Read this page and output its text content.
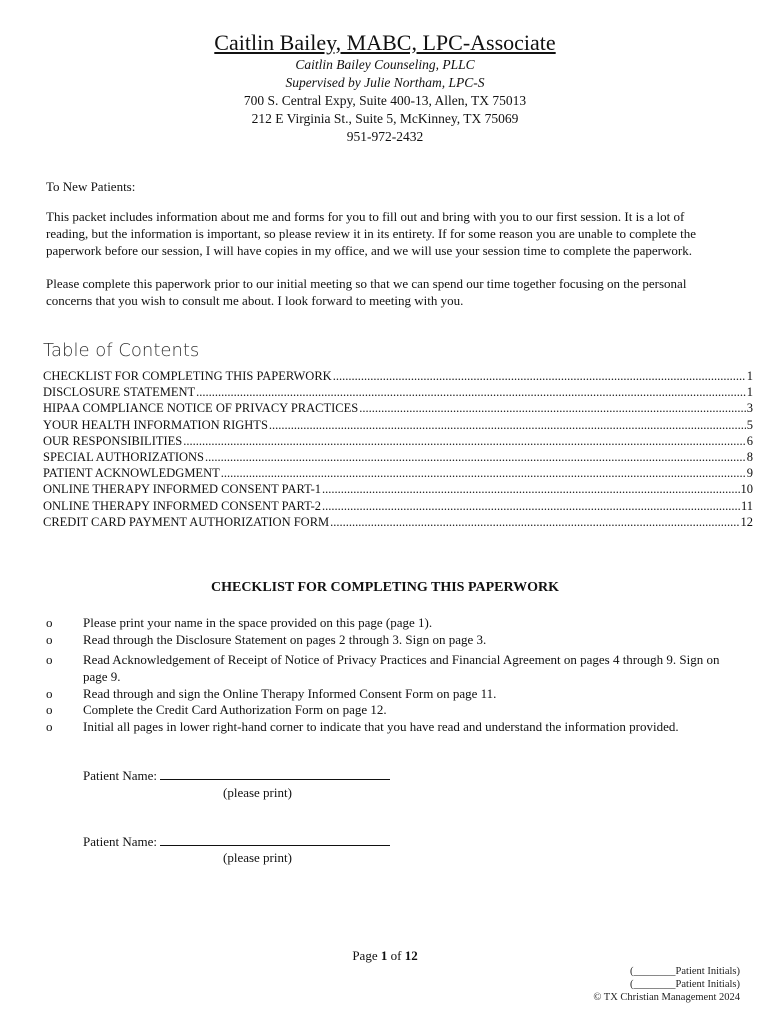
Caitlin Bailey, MABC, LPC-Associate
Caitlin Bailey Counseling, PLLC
Supervised by Julie Northam, LPC-S
700 S. Central Expy, Suite 400-13, Allen, TX 75013
212 E Virginia St., Suite 5, McKinney, TX 75069
951-972-2432
To New Patients:
This packet includes information about me and forms for you to fill out and bring with you to our first session. It is a lot of reading, but the information is important, so please review it in its entirety. If for some reason you are unable to complete the paperwork before our session, I will have copies in my office, and we will use your session time to complete the paperwork.
Please complete this paperwork prior to our initial meeting so that we can spend our time together focusing on the personal concerns that you wish to consult me about. I look forward to meeting with you.
Table of Contents
CHECKLIST FOR COMPLETING THIS PAPERWORK .....	1
DISCLOSURE STATEMENT .....	1
HIPAA COMPLIANCE NOTICE OF PRIVACY PRACTICES .....	3
YOUR HEALTH INFORMATION RIGHTS .....	5
OUR RESPONSIBILITIES .....	6
SPECIAL AUTHORIZATIONS .....	8
PATIENT ACKNOWLEDGMENT .....	9
ONLINE THERAPY INFORMED CONSENT PART-1 .....	10
ONLINE THERAPY INFORMED CONSENT PART-2 .....	11
CREDIT CARD PAYMENT AUTHORIZATION FORM .....	12
CHECKLIST FOR COMPLETING THIS PAPERWORK
o Please print your name in the space provided on this page (page 1).
o Read through the Disclosure Statement on pages 2 through 3. Sign on page 3.
o Read Acknowledgement of Receipt of Notice of Privacy Practices and Financial Agreement on pages 4 through 9. Sign on page 9.
o Read through and sign the Online Therapy Informed Consent Form on page 11.
o Complete the Credit Card Authorization Form on page 12.
o Initial all pages in lower right-hand corner to indicate that you have read and understand the information provided.
Patient Name:
(please print)
Patient Name:
(please print)
Page 1 of 12
(________Patient Initials)
(________Patient Initials)
© TX Christian Management 2024
